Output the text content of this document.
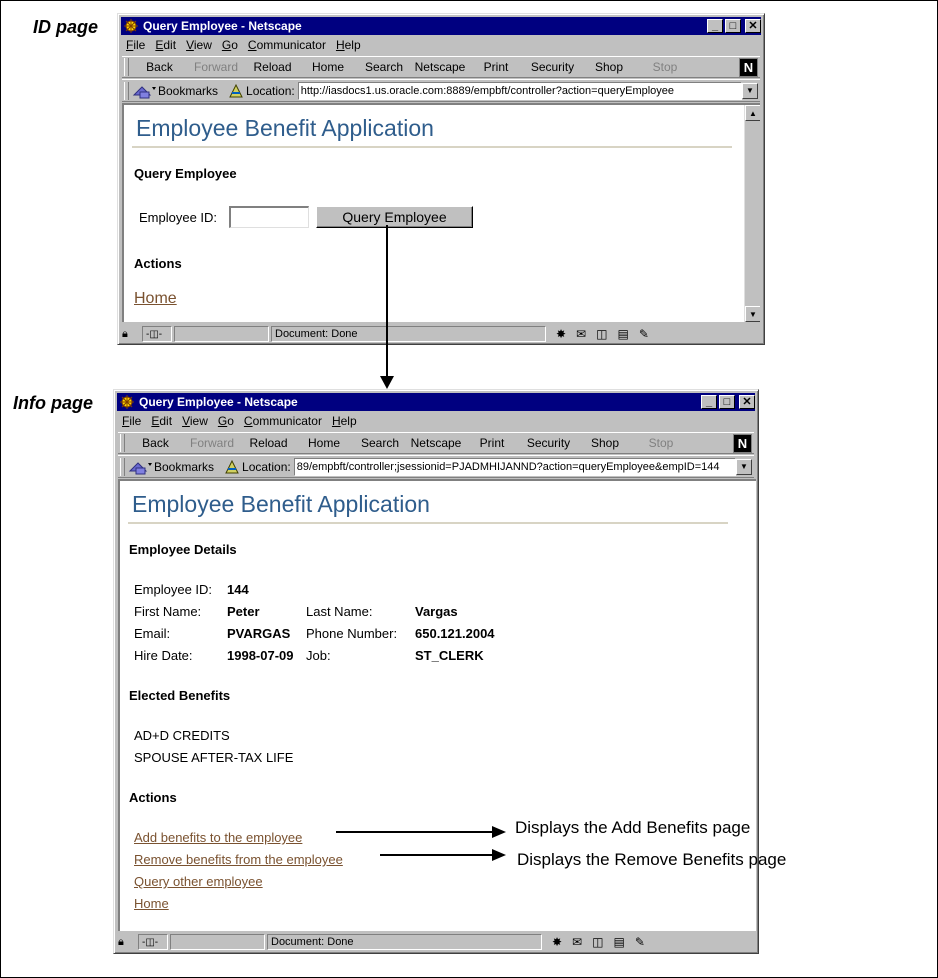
ID page
Info page
Query Employee - Netscape	_	□	✕
File Edit View Go Communicator Help
Back	Forward	Reload	Home	Search Netscape	Print	Security	Shop	Stop	N
Bookmarks Location: http://iasdocs1.us.oracle.com:8889/empbft/controller?action=queryEmployee	▼
Employee Benefit Application
Query Employee
Employee ID:	Query Employee
Actions
Home
▲
▼
🔒︎	-◫-	Document: Done	✸ ✉ ◫ ▤ ✎
Query Employee - Netscape	_	□	✕
File Edit View Go Communicator Help
Back	Forward	Reload	Home	Search Netscape	Print	Security	Shop	Stop	N
Bookmarks Location: 89/empbft/controller;jsessionid=PJADMHIJANND?action=queryEmployee&empID=144	▼
Employee Benefit Application
Employee Details
Employee ID: 144
First Name: Peter	Last Name:	Vargas
Email:	PVARGAS Phone Number: 650.121.2004
Hire Date:	1998-07-09 Job:	ST_CLERK
Elected Benefits
AD+D CREDITS
SPOUSE AFTER-TAX LIFE
Actions
Add benefits to the employee
Remove benefits from the employee
Query other employee
Home
🔒︎	-◫-	Document: Done	✸ ✉ ◫ ▤ ✎
Displays the Add Benefits page
Displays the Remove Benefits page
